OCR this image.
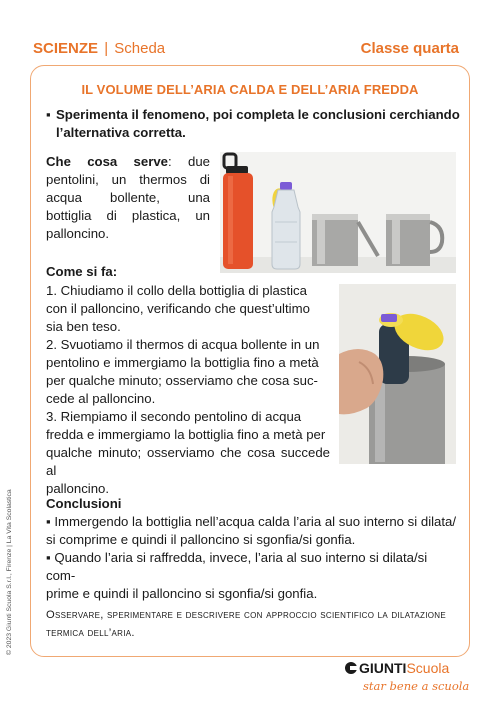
SCIENZE | Scheda	Classe quarta
IL VOLUME DELL’ARIA CALDA E DELL’ARIA FREDDA
▪ Sperimenta il fenomeno, poi completa le conclusioni cerchiando l’alternativa corretta.
Che cosa serve: due pentolini, un thermos di acqua bollente, una bottiglia di plastica, un palloncino.
Come si fa:
1. Chiudiamo il collo della bottiglia di plastica
con il palloncino, verificando che quest’ultimo
sia ben teso.
2. Svuotiamo il thermos di acqua bollente in un
pentolino e immergiamo la bottiglia fino a metà
per qualche minuto; osserviamo che cosa suc-
cede al palloncino.
3. Riempiamo il secondo pentolino di acqua
fredda e immergiamo la bottiglia fino a metà per
qualche minuto; osserviamo che cosa succede al
palloncino.
Conclusioni
▪ Immergendo la bottiglia nell’acqua calda l’aria al suo interno si dilata/
si comprime e quindi il palloncino si sgonfia/si gonfia.
▪ Quando l’aria si raffredda, invece, l’aria al suo interno si dilata/si com-
prime e quindi il palloncino si sgonfia/si gonfia.
Osservare, sperimentare e descrivere con approccio scientifico la dilatazione termica dell’aria.
© 2023 Giunti Scuola S.r.l., Firenze | La Vita Scolastica
GIUNTIScuola
star bene a scuola
